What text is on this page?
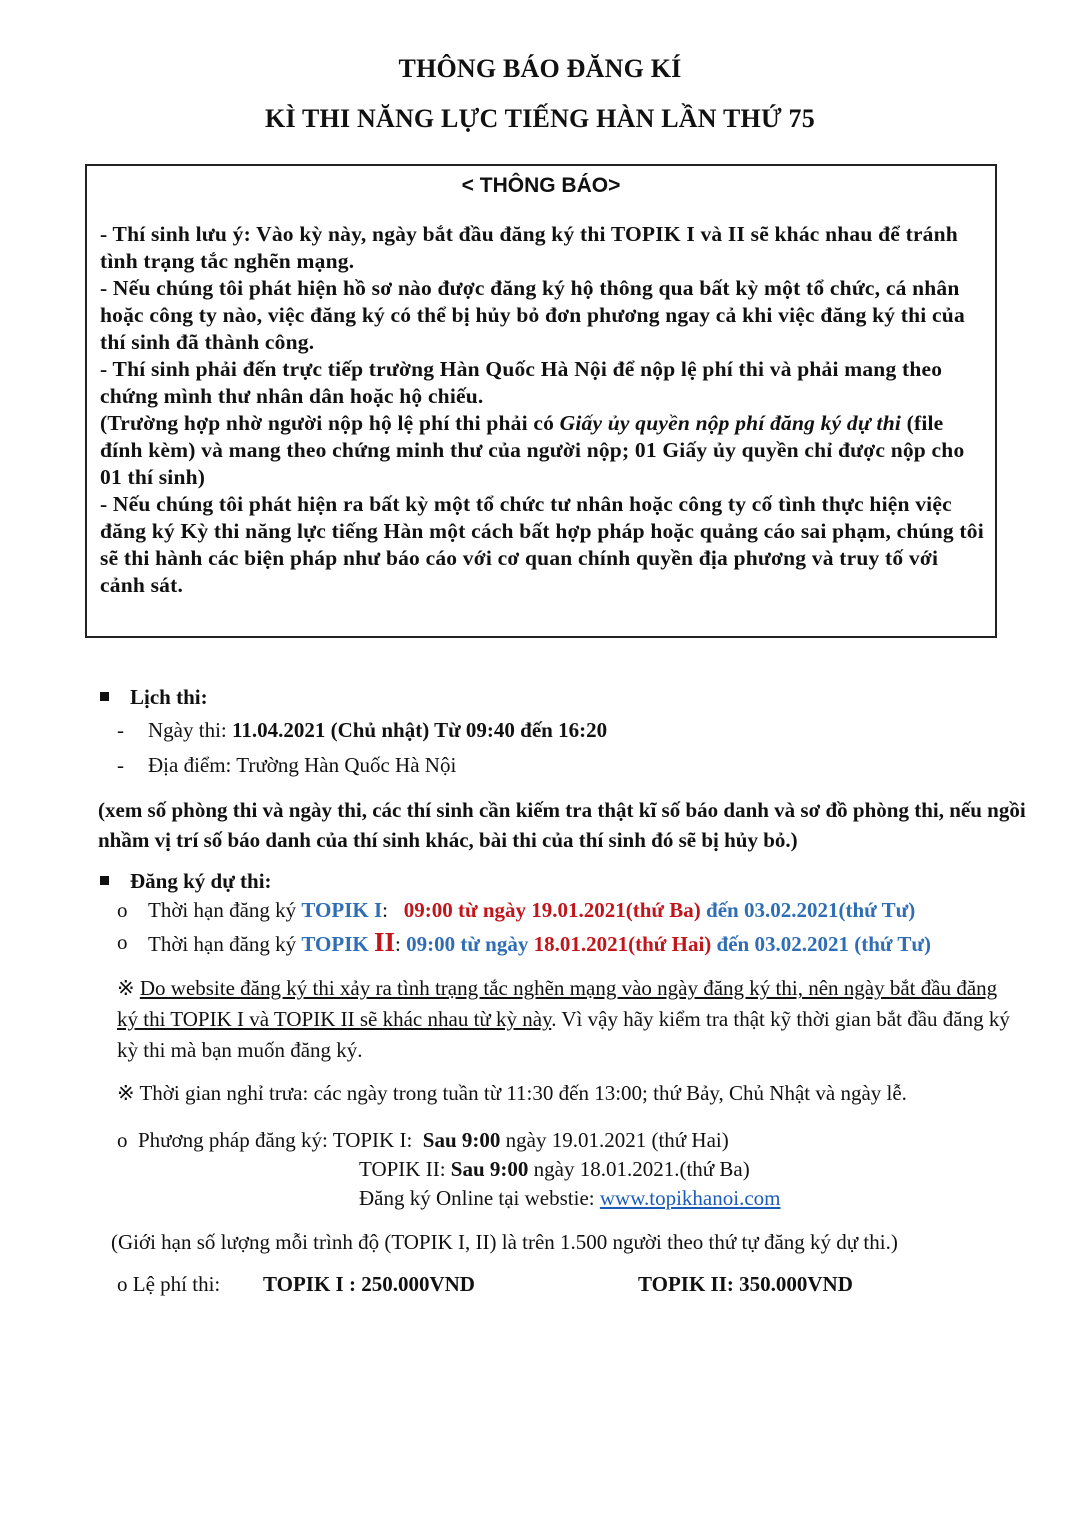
THÔNG BÁO ĐĂNG KÍ
KÌ THI NĂNG LỰC TIẾNG HÀN LẦN THỨ 75
< THÔNG BÁO>

- Thí sinh lưu ý: Vào kỳ này, ngày bắt đầu đăng ký thi TOPIK I và II sẽ khác nhau để tránh tình trạng tắc nghẽn mạng.

- Nếu chúng tôi phát hiện hồ sơ nào được đăng ký hộ thông qua bất kỳ một tổ chức, cá nhân hoặc công ty nào, việc đăng ký có thể bị hủy bỏ đơn phương ngay cả khi việc đăng ký thi của thí sinh đã thành công.

- Thí sinh phải đến trực tiếp trường Hàn Quốc Hà Nội để nộp lệ phí thi và phải mang theo chứng mình thư nhân dân hoặc hộ chiếu.

(Trường hợp nhờ người nộp hộ lệ phí thi phải có Giấy ủy quyền nộp phí đăng ký dự thi (file đính kèm) và mang theo chứng minh thư của người nộp; 01 Giấy ủy quyền chỉ được nộp cho 01 thí sinh)

- Nếu chúng tôi phát hiện ra bất kỳ một tổ chức tư nhân hoặc công ty cố tình thực hiện việc đăng ký Kỳ thi năng lực tiếng Hàn một cách bất hợp pháp hoặc quảng cáo sai phạm, chúng tôi sẽ thi hành các biện pháp như báo cáo với cơ quan chính quyền địa phương và truy tố với cảnh sát.

Lịch thi:
- Ngày thi: 11.04.2021 (Chủ nhật) Từ 09:40 đến 16:20
- Địa điểm: Trường Hàn Quốc Hà Nội
(xem số phòng thi và ngày thi, các thí sinh cần kiếm tra thật kĩ số báo danh và sơ đồ phòng thi, nếu ngồi nhầm vị trí số báo danh của thí sinh khác, bài thi của thí sinh đó sẽ bị hủy bỏ.)
Đăng ký dự thi:
o Thời hạn đăng ký TOPIK I:   09:00 từ ngày 19.01.2021(thứ Ba) đến 03.02.2021(thứ Tư)
o Thời hạn đăng ký TOPIK II: 09:00 từ ngày 18.01.2021(thứ Hai) đến 03.02.2021 (thứ Tư)
※ Do website đăng ký thi xảy ra tình trạng tắc nghẽn mạng vào ngày đăng ký thi, nên ngày bắt đầu đăng ký thi TOPIK I và TOPIK II sẽ khác nhau từ kỳ này. Vì vậy hãy kiểm tra thật kỹ thời gian bắt đầu đăng ký kỳ thi mà bạn muốn đăng ký.
※ Thời gian nghỉ trưa: các ngày trong tuần từ 11:30 đến 13:00; thứ Bảy, Chủ Nhật và ngày lễ.
o  Phương pháp đăng ký: TOPIK I:  Sau 9:00 ngày 19.01.2021 (thứ Hai)
TOPIK II: Sau 9:00 ngày 18.01.2021.(thứ Ba)
Đăng ký Online tại webstie: www.topikhanoi.com
(Giới hạn số lượng mỗi trình độ (TOPIK I, II) là trên 1.500 người theo thứ tự đăng ký dự thi.)
o Lệ phí thi: TOPIK I : 250.000VND	TOPIK II: 350.000VND
